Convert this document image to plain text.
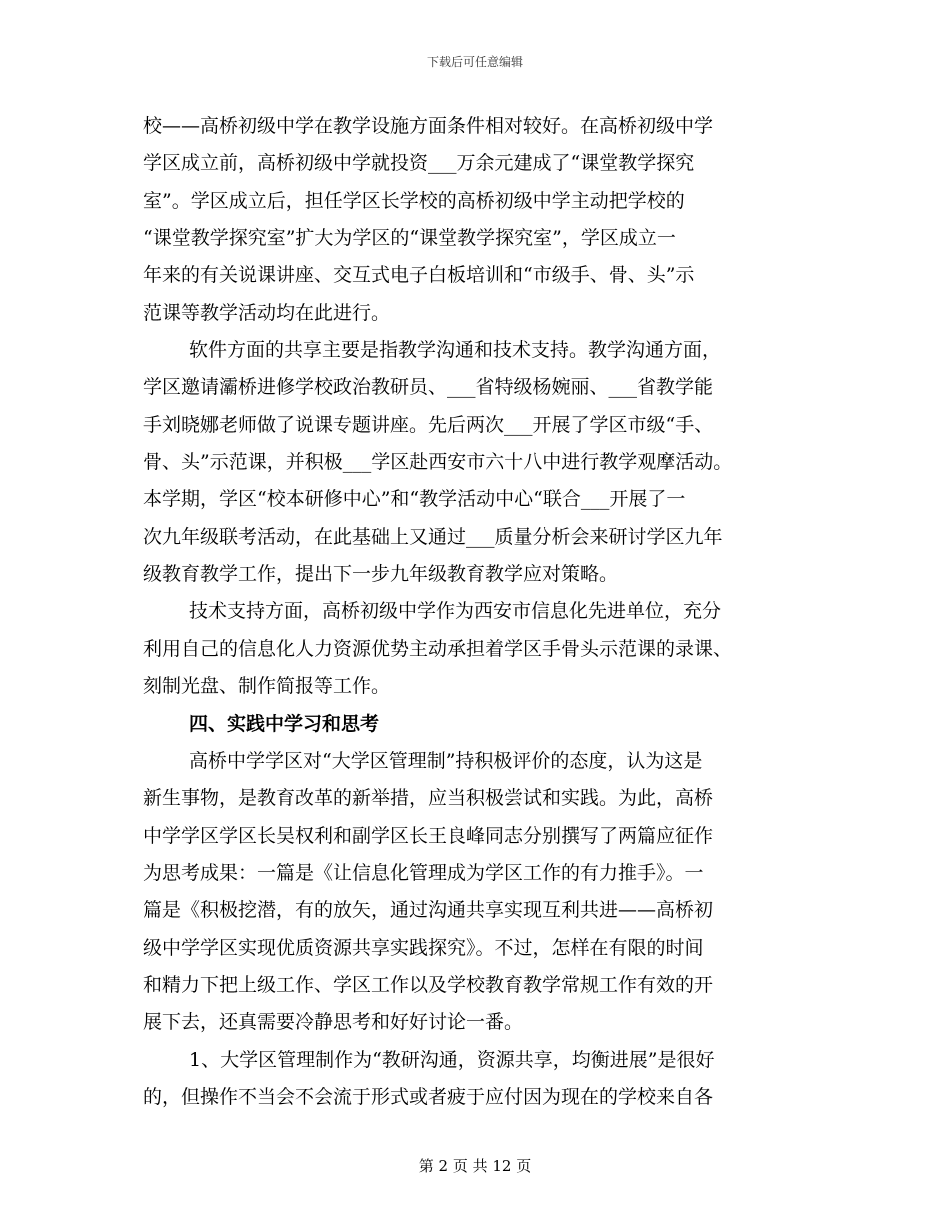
下载后可任意编辑
校——高桥初级中学在教学设施方面条件相对较好。在高桥初级中学
学区成立前，高桥初级中学就投资___万余元建成了“课堂教学探究
室”。学区成立后，担任学区长学校的高桥初级中学主动把学校的
“课堂教学探究室”扩大为学区的“课堂教学探究室”，学区成立一
年来的有关说课讲座、交互式电子白板培训和“市级手、骨、头”示
范课等教学活动均在此进行。
软件方面的共享主要是指教学沟通和技术支持。教学沟通方面，
学区邀请灞桥进修学校政治教研员、___省特级杨婉丽、___省教学能
手刘晓娜老师做了说课专题讲座。先后两次___开展了学区市级“手、
骨、头”示范课，并积极___学区赴西安市六十八中进行教学观摩活动。
本学期，学区“校本研修中心”和“教学活动中心“联合___开展了一
次九年级联考活动，在此基础上又通过___质量分析会来研讨学区九年
级教育教学工作，提出下一步九年级教育教学应对策略。
技术支持方面，高桥初级中学作为西安市信息化先进单位，充分
利用自己的信息化人力资源优势主动承担着学区手骨头示范课的录课、
刻制光盘、制作简报等工作。
四、实践中学习和思考
高桥中学学区对“大学区管理制”持积极评价的态度，认为这是
新生事物，是教育改革的新举措，应当积极尝试和实践。为此，高桥
中学学区学区长吴权利和副学区长王良峰同志分别撰写了两篇应征作
为思考成果：一篇是《让信息化管理成为学区工作的有力推手》。一
篇是《积极挖潜，有的放矢，通过沟通共享实现互利共进——高桥初
级中学学区实现优质资源共享实践探究》。不过，怎样在有限的时间
和精力下把上级工作、学区工作以及学校教育教学常规工作有效的开
展下去，还真需要冷静思考和好好讨论一番。
1、大学区管理制作为“教研沟通，资源共享，均衡进展”是很好
的，但操作不当会不会流于形式或者疲于应付因为现在的学校来自各
第 2 页 共 12 页
